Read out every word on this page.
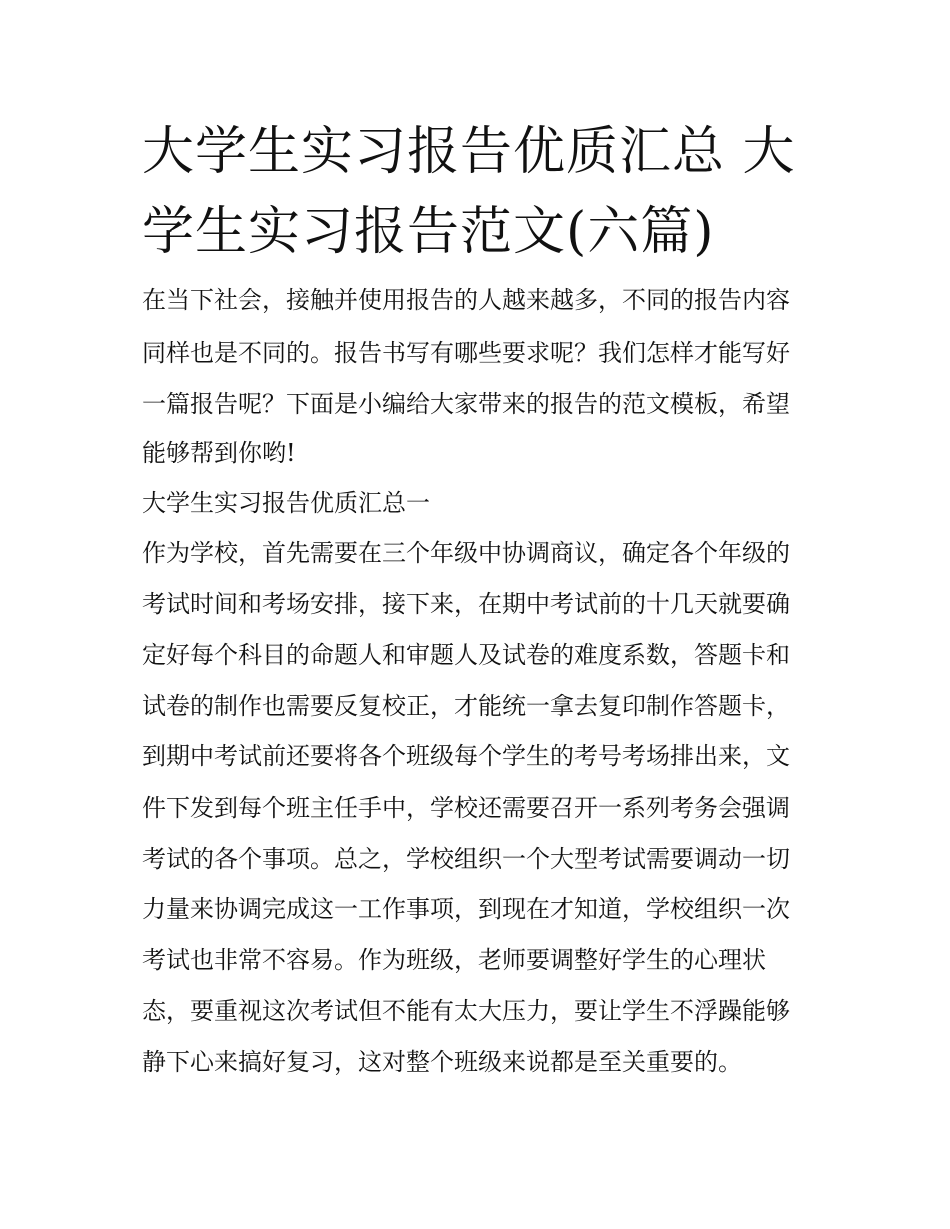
大学生实习报告优质汇总 大学生实习报告范文(六篇)

在当下社会，接触并使用报告的人越来越多，不同的报告内容

同样也是不同的。报告书写有哪些要求呢？我们怎样才能写好

一篇报告呢？下面是小编给大家带来的报告的范文模板，希望

能够帮到你哟!

大学生实习报告优质汇总一

作为学校，首先需要在三个年级中协调商议，确定各个年级的

考试时间和考场安排，接下来，在期中考试前的十几天就要确

定好每个科目的命题人和审题人及试卷的难度系数，答题卡和

试卷的制作也需要反复校正，才能统一拿去复印制作答题卡，

到期中考试前还要将各个班级每个学生的考号考场排出来，文

件下发到每个班主任手中，学校还需要召开一系列考务会强调

考试的各个事项。总之，学校组织一个大型考试需要调动一切

力量来协调完成这一工作事项，到现在才知道，学校组织一次

考试也非常不容易。作为班级，老师要调整好学生的心理状

态，要重视这次考试但不能有太大压力，要让学生不浮躁能够

静下心来搞好复习，这对整个班级来说都是至关重要的。
